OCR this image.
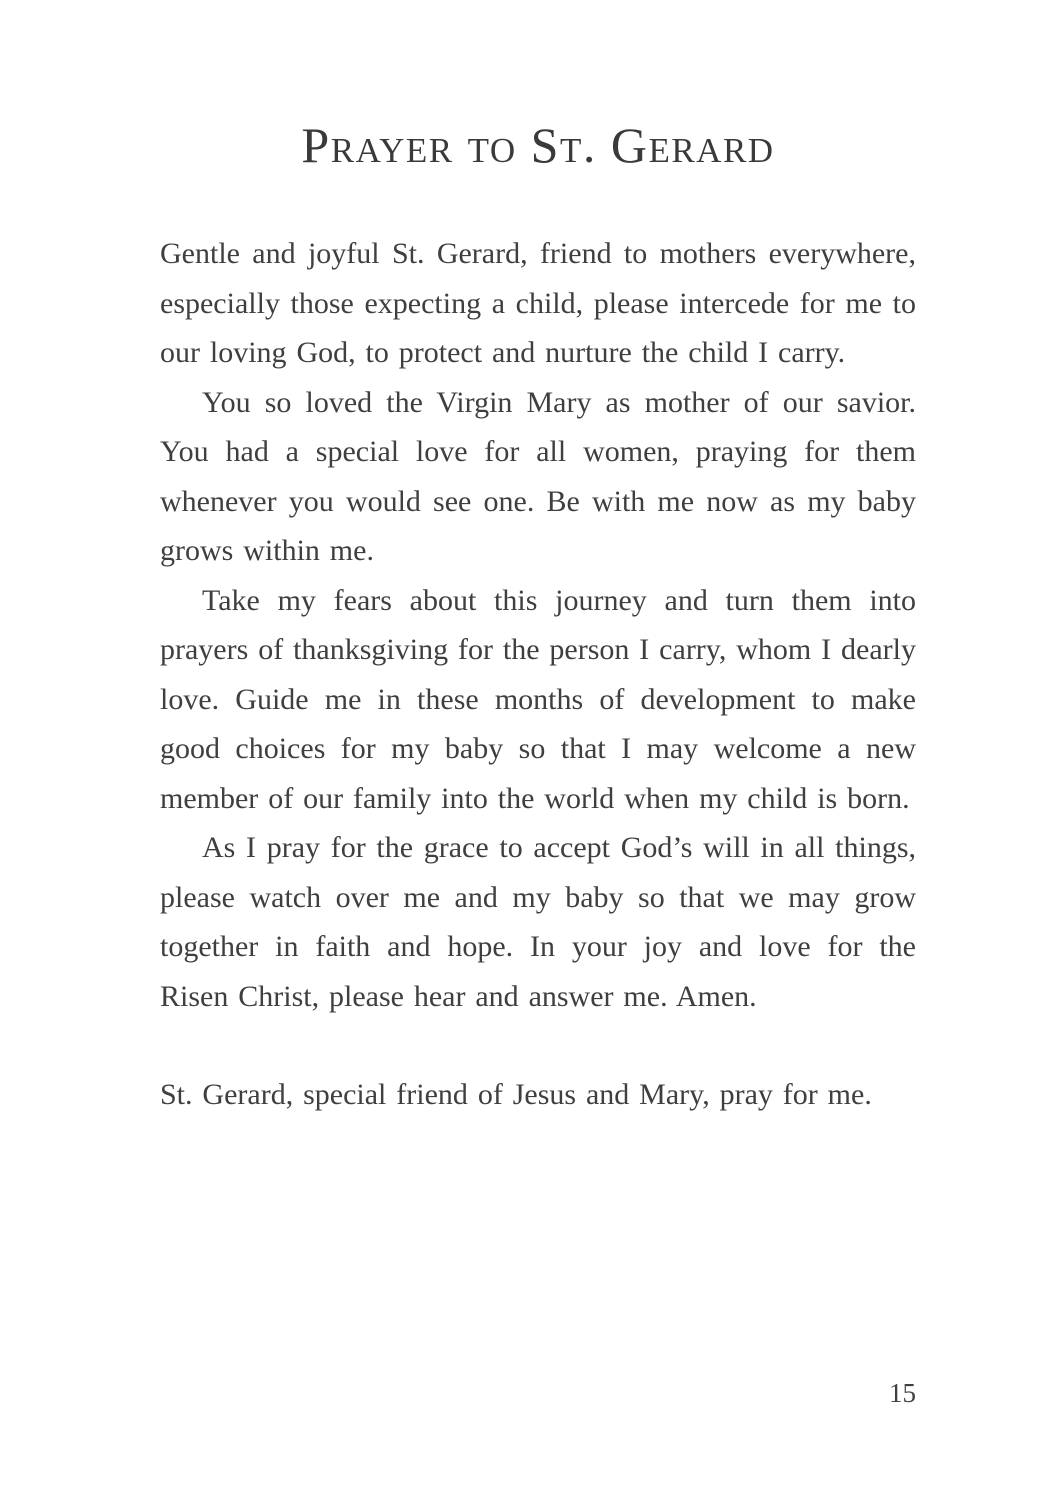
Prayer to St. Gerard

Gentle and joyful St. Gerard, friend to mothers everywhere, especially those expecting a child, please intercede for me to our loving God, to protect and nurture the child I carry.

You so loved the Virgin Mary as mother of our savior. You had a special love for all women, praying for them whenever you would see one. Be with me now as my baby grows within me.

Take my fears about this journey and turn them into prayers of thanksgiving for the person I carry, whom I dearly love. Guide me in these months of development to make good choices for my baby so that I may welcome a new member of our family into the world when my child is born.

As I pray for the grace to accept God’s will in all things, please watch over me and my baby so that we may grow together in faith and hope. In your joy and love for the Risen Christ, please hear and answer me. Amen.

St. Gerard, special friend of Jesus and Mary, pray for me.

15
